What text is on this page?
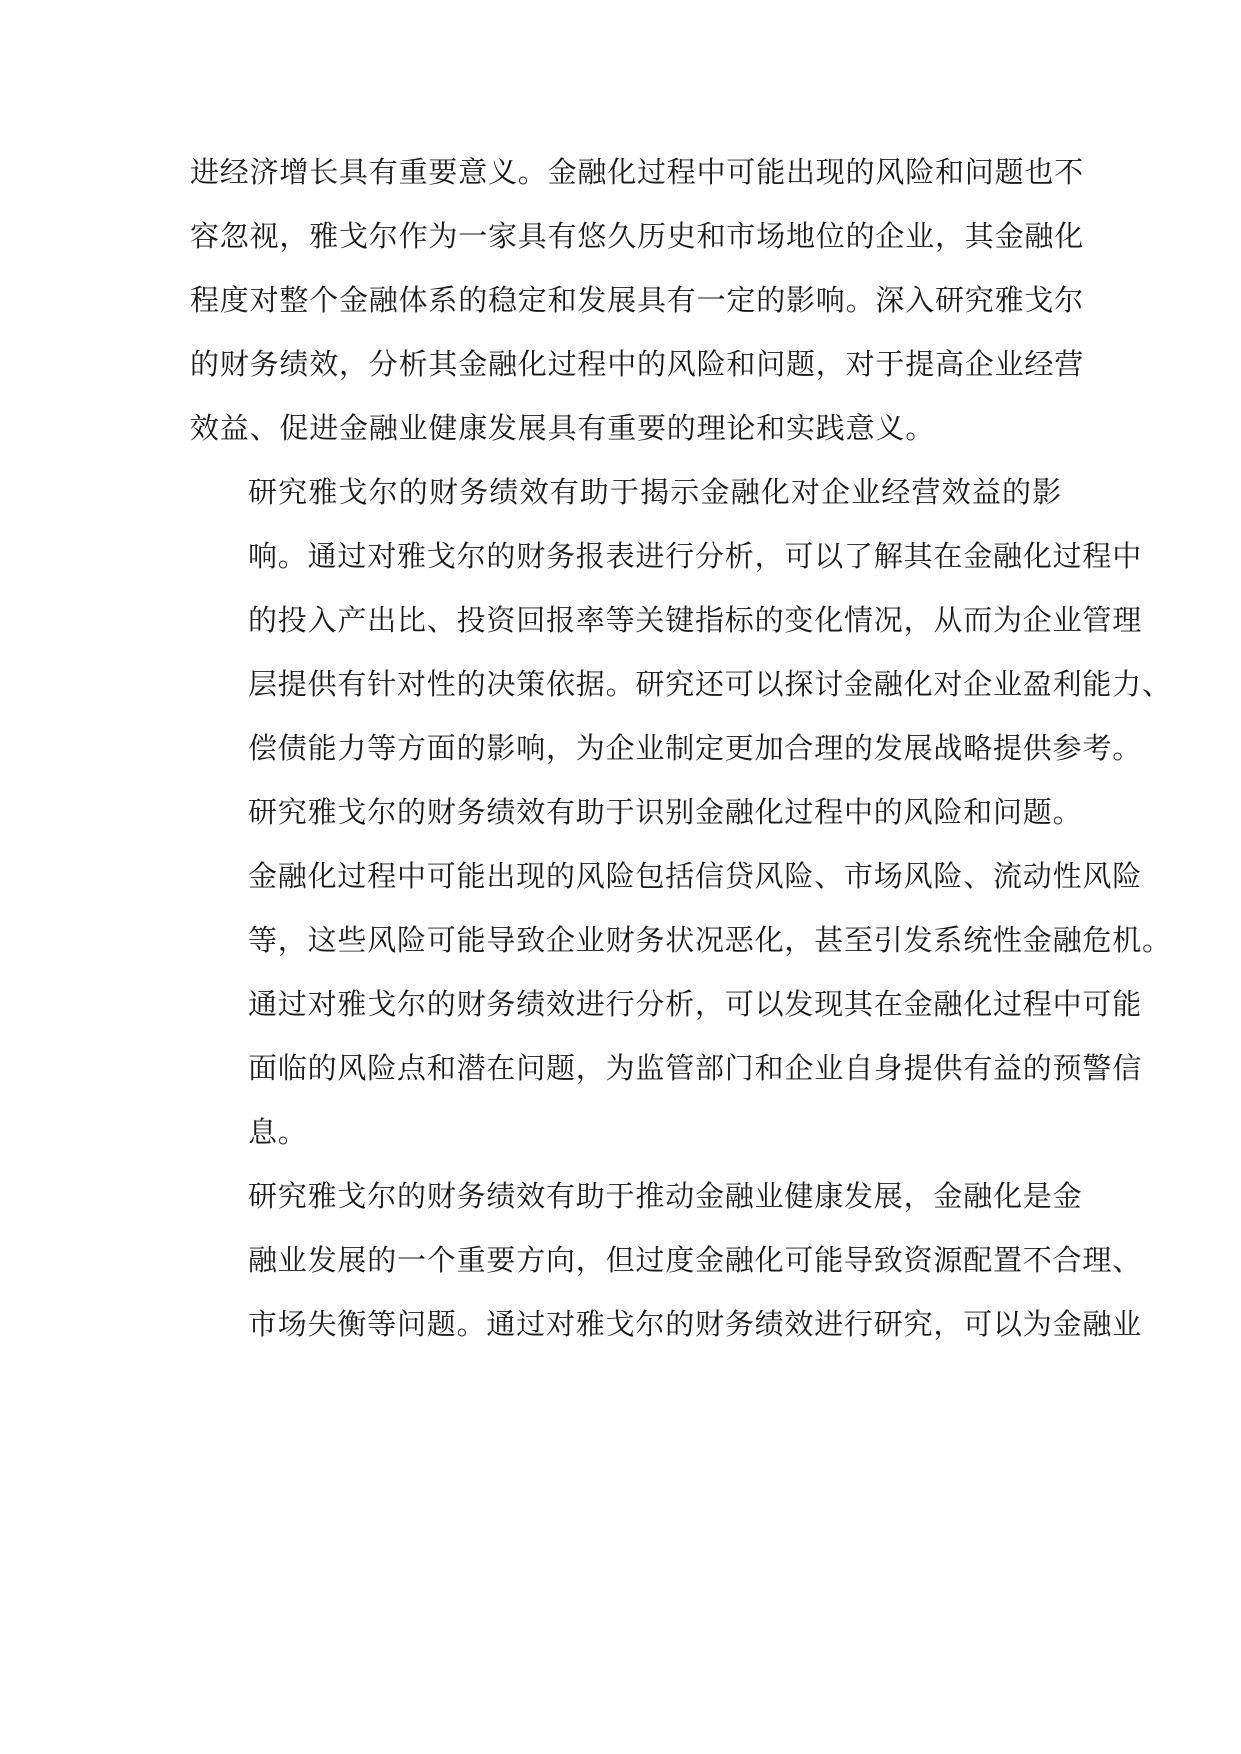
进经济增长具有重要意义。金融化过程中可能出现的风险和问题也不
容忽视，雅戈尔作为一家具有悠久历史和市场地位的企业，其金融化
程度对整个金融体系的稳定和发展具有一定的影响。深入研究雅戈尔
的财务绩效，分析其金融化过程中的风险和问题，对于提高企业经营
效益、促进金融业健康发展具有重要的理论和实践意义。

研究雅戈尔的财务绩效有助于揭示金融化对企业经营效益的影
响。通过对雅戈尔的财务报表进行分析，可以了解其在金融化过程中
的投入产出比、投资回报率等关键指标的变化情况，从而为企业管理
层提供有针对性的决策依据。研究还可以探讨金融化对企业盈利能力、
偿债能力等方面的影响，为企业制定更加合理的发展战略提供参考。

研究雅戈尔的财务绩效有助于识别金融化过程中的风险和问题。
金融化过程中可能出现的风险包括信贷风险、市场风险、流动性风险
等，这些风险可能导致企业财务状况恶化，甚至引发系统性金融危机。
通过对雅戈尔的财务绩效进行分析，可以发现其在金融化过程中可能
面临的风险点和潜在问题，为监管部门和企业自身提供有益的预警信
息。

研究雅戈尔的财务绩效有助于推动金融业健康发展，金融化是金
融业发展的一个重要方向，但过度金融化可能导致资源配置不合理、
市场失衡等问题。通过对雅戈尔的财务绩效进行研究，可以为金融业
